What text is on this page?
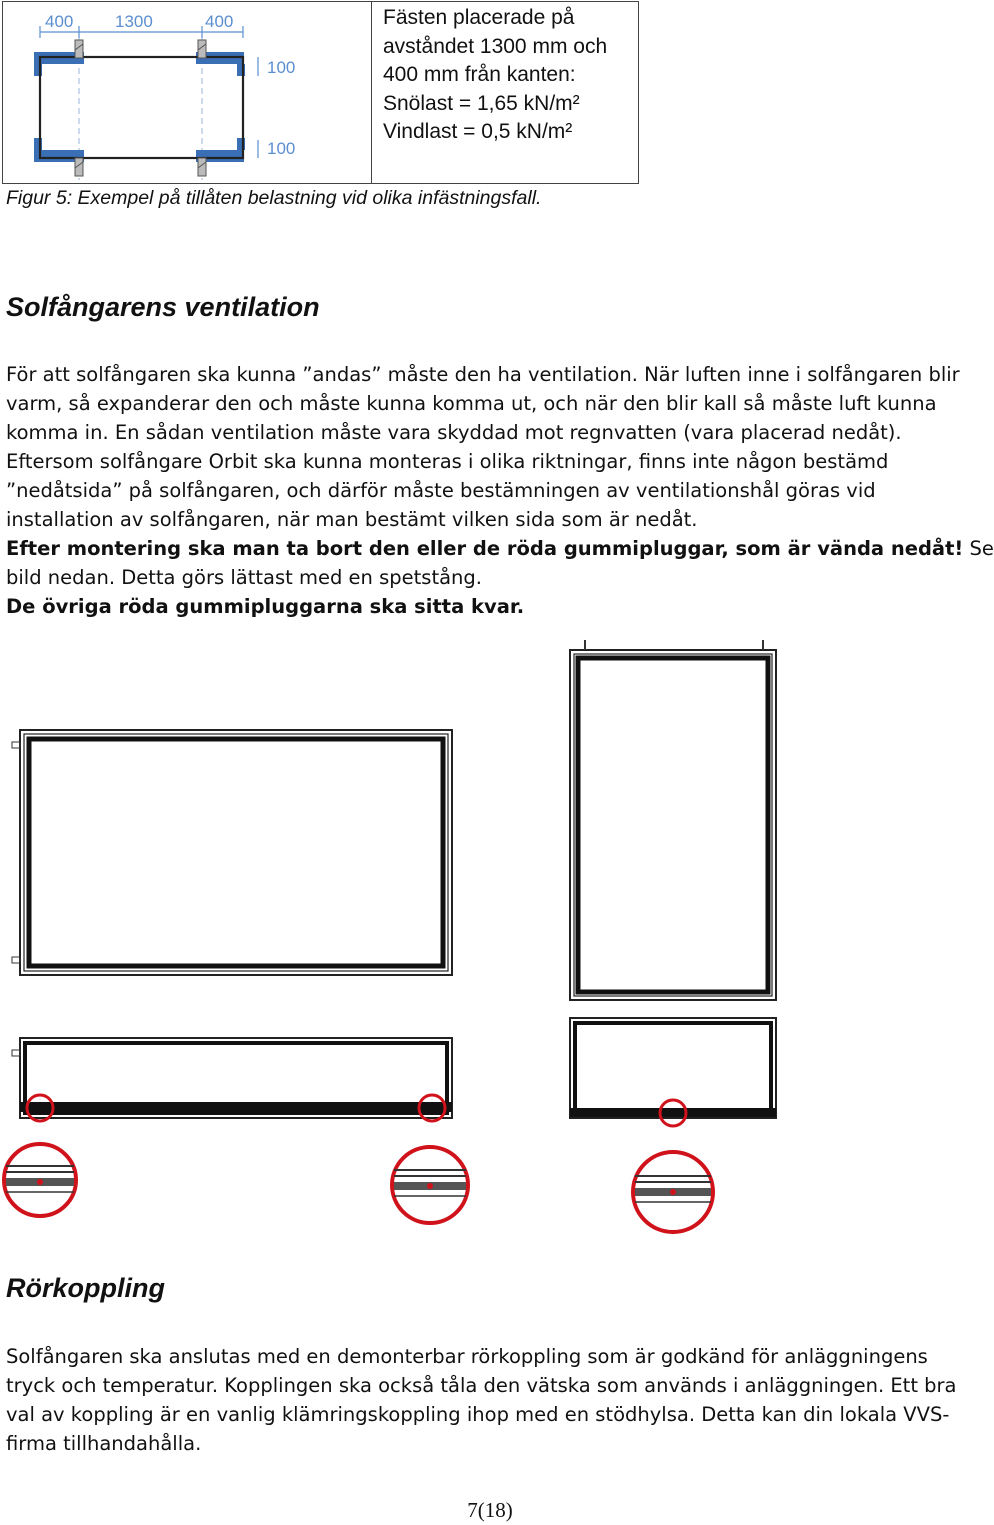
400 1300	400
100
100
Fästen placerade på
avståndet 1300 mm och
400 mm från kanten:
Snölast = 1,65 kN/m²
Vindlast = 0,5 kN/m²
Figur 5: Exempel på tillåten belastning vid olika infästningsfall.
Solfångarens ventilation
För att solfångaren ska kunna ”andas” måste den ha ventilation. När luften inne i solfångaren blir
varm, så expanderar den och måste kunna komma ut, och när den blir kall så måste luft kunna
komma in. En sådan ventilation måste vara skyddad mot regnvatten (vara placerad nedåt).
Eftersom solfångare Orbit ska kunna monteras i olika riktningar, finns inte någon bestämd
”nedåtsida” på solfångaren, och därför måste bestämningen av ventilationshål göras vid
installation av solfångaren, när man bestämt vilken sida som är nedåt.
Efter montering ska man ta bort den eller de röda gummipluggar, som är vända nedåt! Se
bild nedan. Detta görs lättast med en spetstång.
De övriga röda gummipluggarna ska sitta kvar.
Rörkoppling
Solfångaren ska anslutas med en demonterbar rörkoppling som är godkänd för anläggningens
tryck och temperatur. Kopplingen ska också tåla den vätska som används i anläggningen. Ett bra
val av koppling är en vanlig klämringskoppling ihop med en stödhylsa. Detta kan din lokala VVS-
firma tillhandahålla.
7(18)
